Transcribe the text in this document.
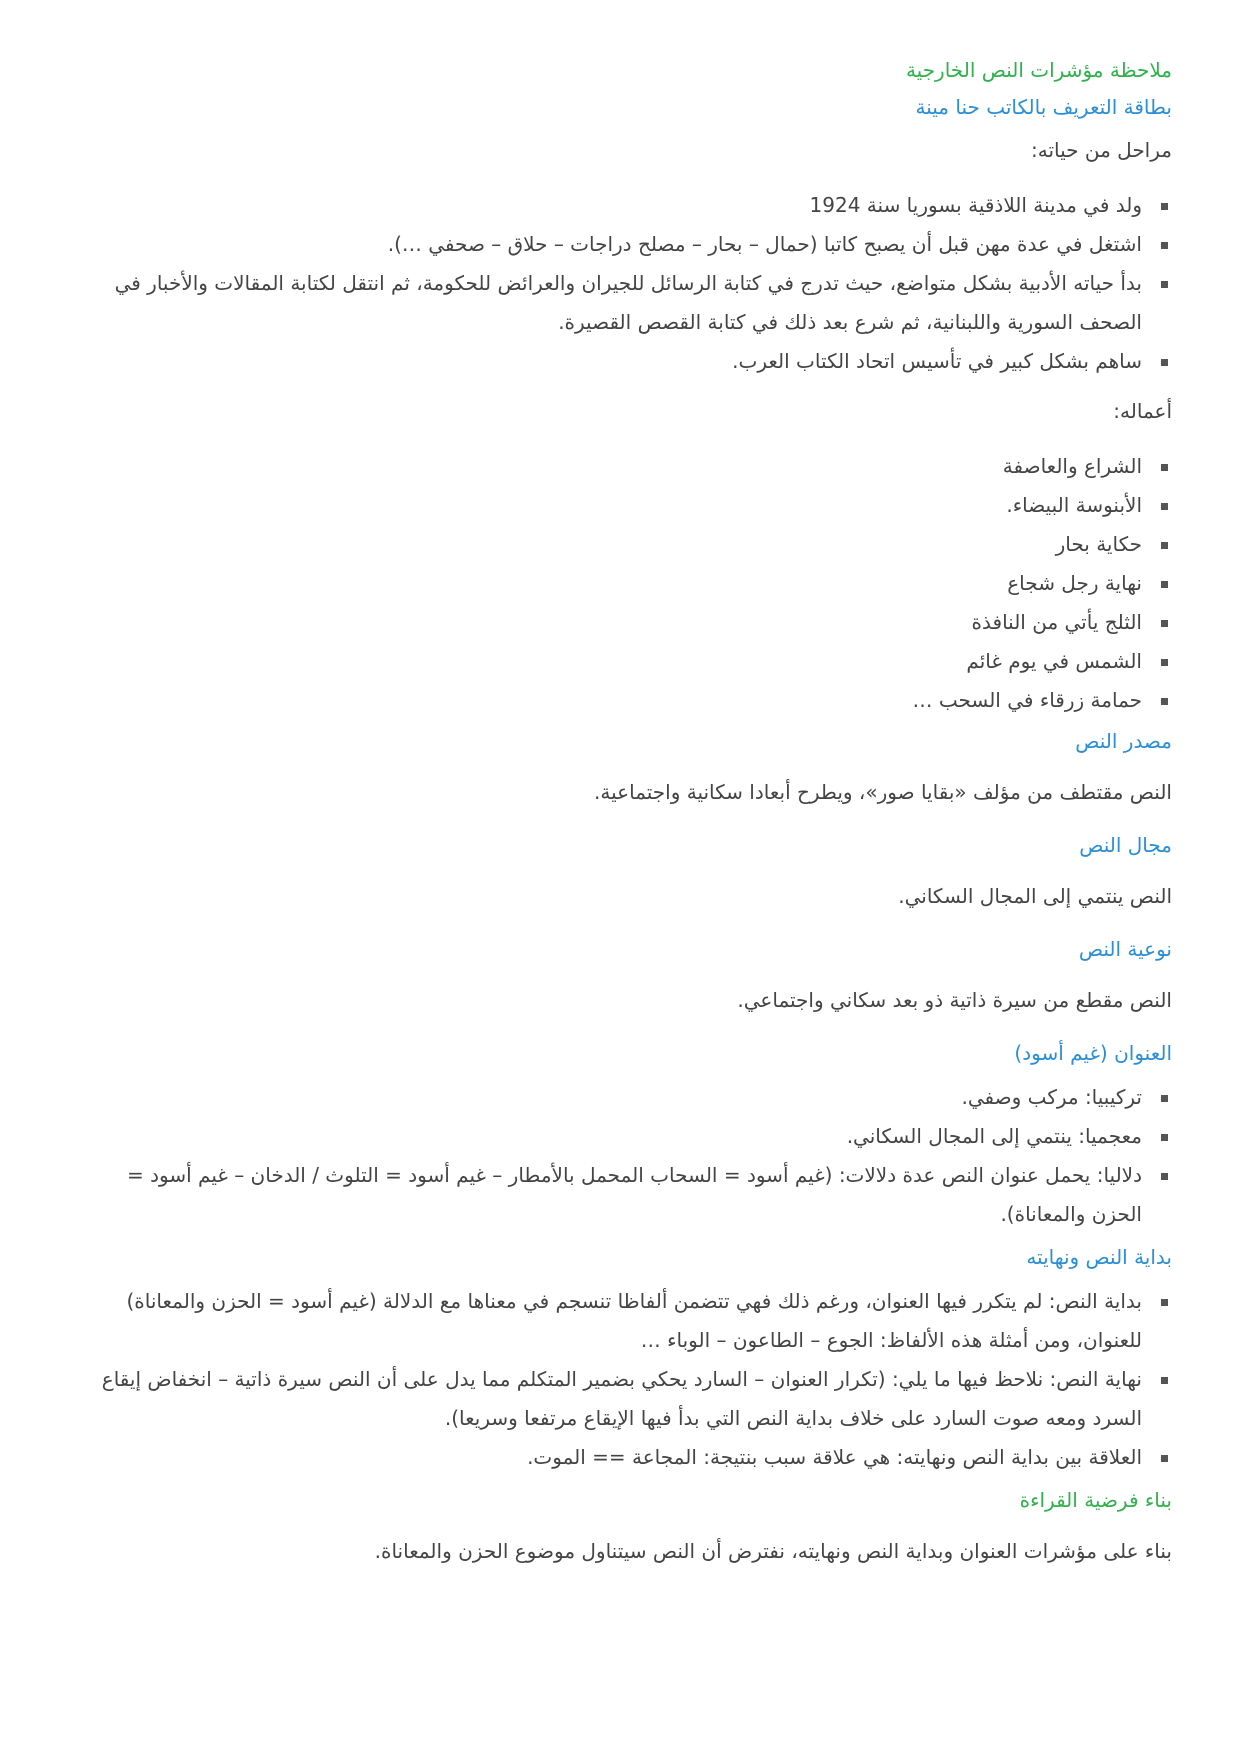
ملاحظة مؤشرات النص الخارجية
بطاقة التعريف بالكاتب حنا مينة

مراحل من حياته:

ولد في مدينة اللاذقية بسوريا سنة 1924
اشتغل في عدة مهن قبل أن يصبح كاتبا (حمال – بحار – مصلح دراجات – حلاق – صحفي …).
بدأ حياته الأدبية بشكل متواضع، حيث تدرج في كتابة الرسائل للجيران والعرائض للحكومة، ثم انتقل لكتابة المقالات والأخبار في الصحف السورية واللبنانية، ثم شرع بعد ذلك في كتابة القصص القصيرة.
ساهم بشكل كبير في تأسيس اتحاد الكتاب العرب.

أعماله:

الشراع والعاصفة
الأبنوسة البيضاء.
حكاية بحار
نهاية رجل شجاع
الثلج يأتي من النافذة
الشمس في يوم غائم
حمامة زرقاء في السحب …
مصدر النص

النص مقتطف من مؤلف «بقايا صور»، ويطرح أبعادا سكانية واجتماعية.

مجال النص

النص ينتمي إلى المجال السكاني.

نوعية النص

النص مقطع من سيرة ذاتية ذو بعد سكاني واجتماعي.

العنوان (غيم أسود)
تركيبيا: مركب وصفي.
معجميا: ينتمي إلى المجال السكاني.
دلاليا: يحمل عنوان النص عدة دلالات: (غيم أسود = السحاب المحمل بالأمطار – غيم أسود = التلوث / الدخان – غيم أسود = الحزن والمعاناة).
بداية النص ونهايته
بداية النص: لم يتكرر فيها العنوان، ورغم ذلك فهي تتضمن ألفاظا تنسجم في معناها مع الدلالة (غيم أسود = الحزن والمعاناة) للعنوان، ومن أمثلة هذه الألفاظ: الجوع – الطاعون – الوباء …
نهاية النص: نلاحظ فيها ما يلي: (تكرار العنوان – السارد يحكي بضمير المتكلم مما يدل على أن النص سيرة ذاتية – انخفاض إيقاع السرد ومعه صوت السارد على خلاف بداية النص التي بدأ فيها الإيقاع مرتفعا وسريعا).
العلاقة بين بداية النص ونهايته: هي علاقة سبب بنتيجة: المجاعة == الموت.
بناء فرضية القراءة

بناء على مؤشرات العنوان وبداية النص ونهايته، نفترض أن النص سيتناول موضوع الحزن والمعاناة.
